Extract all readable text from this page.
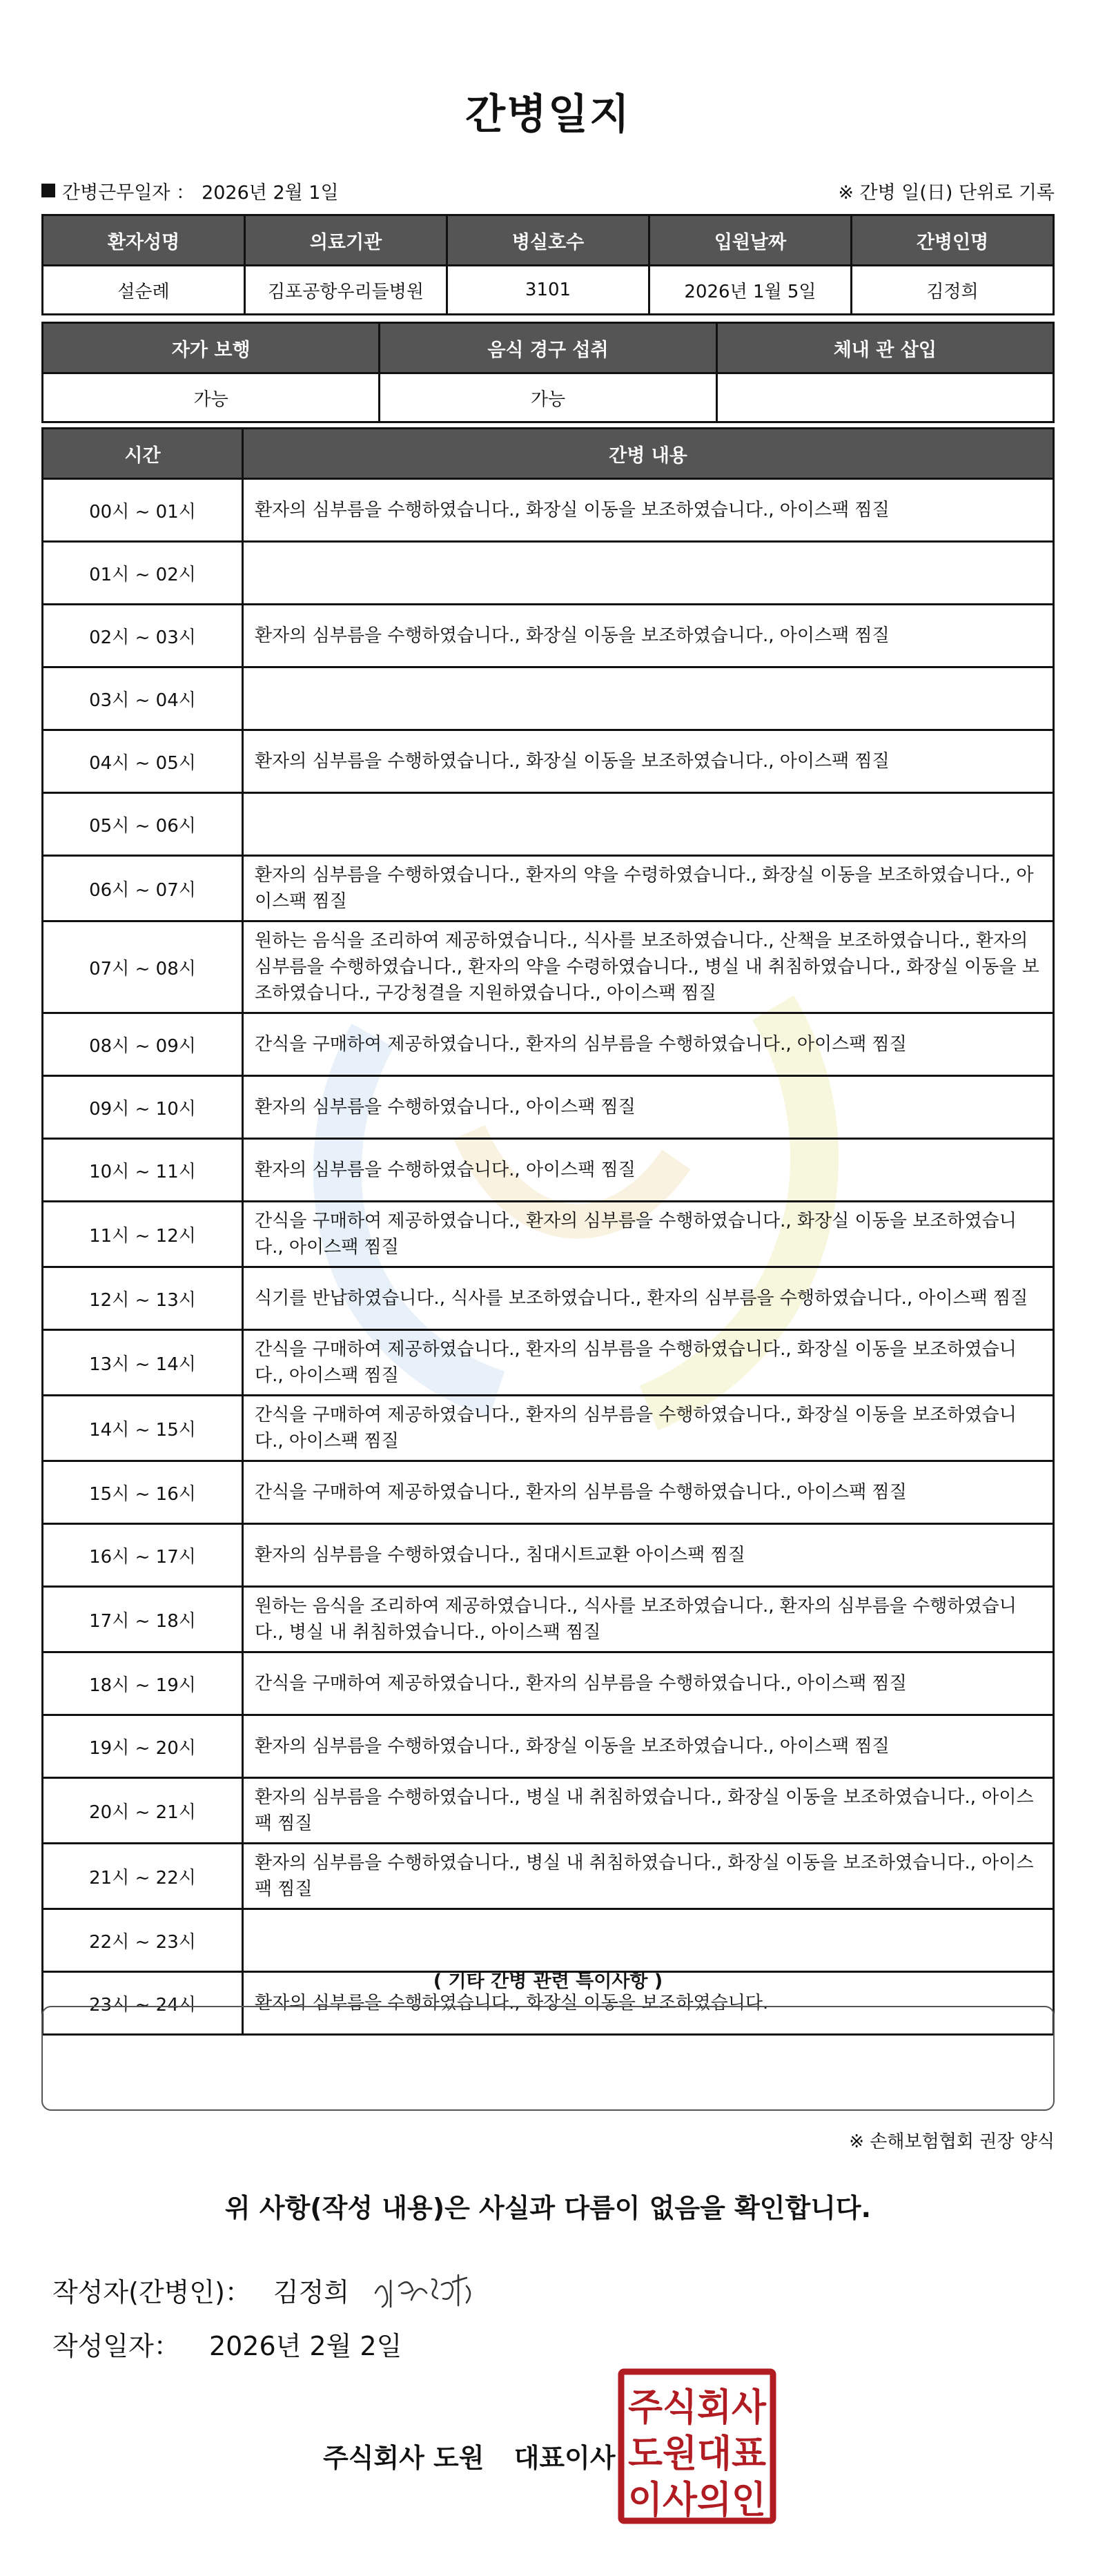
간병일지
간병근무일자 ： 2026년 2월 1일	※ 간병 일(日) 단위로 기록
환자성명	의료기관	병실호수	입원날짜	간병인명
설순례	김포공항우리들병원	3101	2026년 1월 5일	김정희
자가 보행	음식 경구 섭취	체내 관 삽입
가능	가능	
시간	간병 내용
00시 ~ 01시	환자의 심부름을 수행하였습니다., 화장실 이동을 보조하였습니다., 아이스팩 찜질
01시 ~ 02시	
02시 ~ 03시	환자의 심부름을 수행하였습니다., 화장실 이동을 보조하였습니다., 아이스팩 찜질
03시 ~ 04시	
04시 ~ 05시	환자의 심부름을 수행하였습니다., 화장실 이동을 보조하였습니다., 아이스팩 찜질
05시 ~ 06시	
06시 ~ 07시	환자의 심부름을 수행하였습니다., 환자의 약을 수령하였습니다., 화장실 이동을 보조하였습니다., 아이스팩 찜질
07시 ~ 08시	원하는 음식을 조리하여 제공하였습니다., 식사를 보조하였습니다., 산책을 보조하였습니다., 환자의 심부름을 수행하였습니다., 환자의 약을 수령하였습니다., 병실 내 취침하였습니다., 화장실 이동을 보조하였습니다., 구강청결을 지원하였습니다., 아이스팩 찜질
08시 ~ 09시	간식을 구매하여 제공하였습니다., 환자의 심부름을 수행하였습니다., 아이스팩 찜질
09시 ~ 10시	환자의 심부름을 수행하였습니다., 아이스팩 찜질
10시 ~ 11시	환자의 심부름을 수행하였습니다., 아이스팩 찜질
11시 ~ 12시	간식을 구매하여 제공하였습니다., 환자의 심부름을 수행하였습니다., 화장실 이동을 보조하였습니다., 아이스팩 찜질
12시 ~ 13시	식기를 반납하였습니다., 식사를 보조하였습니다., 환자의 심부름을 수행하였습니다., 아이스팩 찜질
13시 ~ 14시	간식을 구매하여 제공하였습니다., 환자의 심부름을 수행하였습니다., 화장실 이동을 보조하였습니다., 아이스팩 찜질
14시 ~ 15시	간식을 구매하여 제공하였습니다., 환자의 심부름을 수행하였습니다., 화장실 이동을 보조하였습니다., 아이스팩 찜질
15시 ~ 16시	간식을 구매하여 제공하였습니다., 환자의 심부름을 수행하였습니다., 아이스팩 찜질
16시 ~ 17시	환자의 심부름을 수행하였습니다., 침대시트교환 아이스팩 찜질
17시 ~ 18시	원하는 음식을 조리하여 제공하였습니다., 식사를 보조하였습니다., 환자의 심부름을 수행하였습니다., 병실 내 취침하였습니다., 아이스팩 찜질
18시 ~ 19시	간식을 구매하여 제공하였습니다., 환자의 심부름을 수행하였습니다., 아이스팩 찜질
19시 ~ 20시	환자의 심부름을 수행하였습니다., 화장실 이동을 보조하였습니다., 아이스팩 찜질
20시 ~ 21시	환자의 심부름을 수행하였습니다., 병실 내 취침하였습니다., 화장실 이동을 보조하였습니다., 아이스팩 찜질
21시 ~ 22시	환자의 심부름을 수행하였습니다., 병실 내 취침하였습니다., 화장실 이동을 보조하였습니다., 아이스팩 찜질
22시 ~ 23시	
23시 ~ 24시	환자의 심부름을 수행하였습니다., 화장실 이동을 보조하였습니다.
( 기타 간병 관련 특이사항 )
※ 손해보험협회 권장 양식
위 사항(작성 내용)은 사실과 다름이 없음을 확인합니다.
작성자(간병인)： 김정희
작성일자： 2026년 2월 2일
주식회사 도원 대표이사
주식회사
도원대표
이사의인
